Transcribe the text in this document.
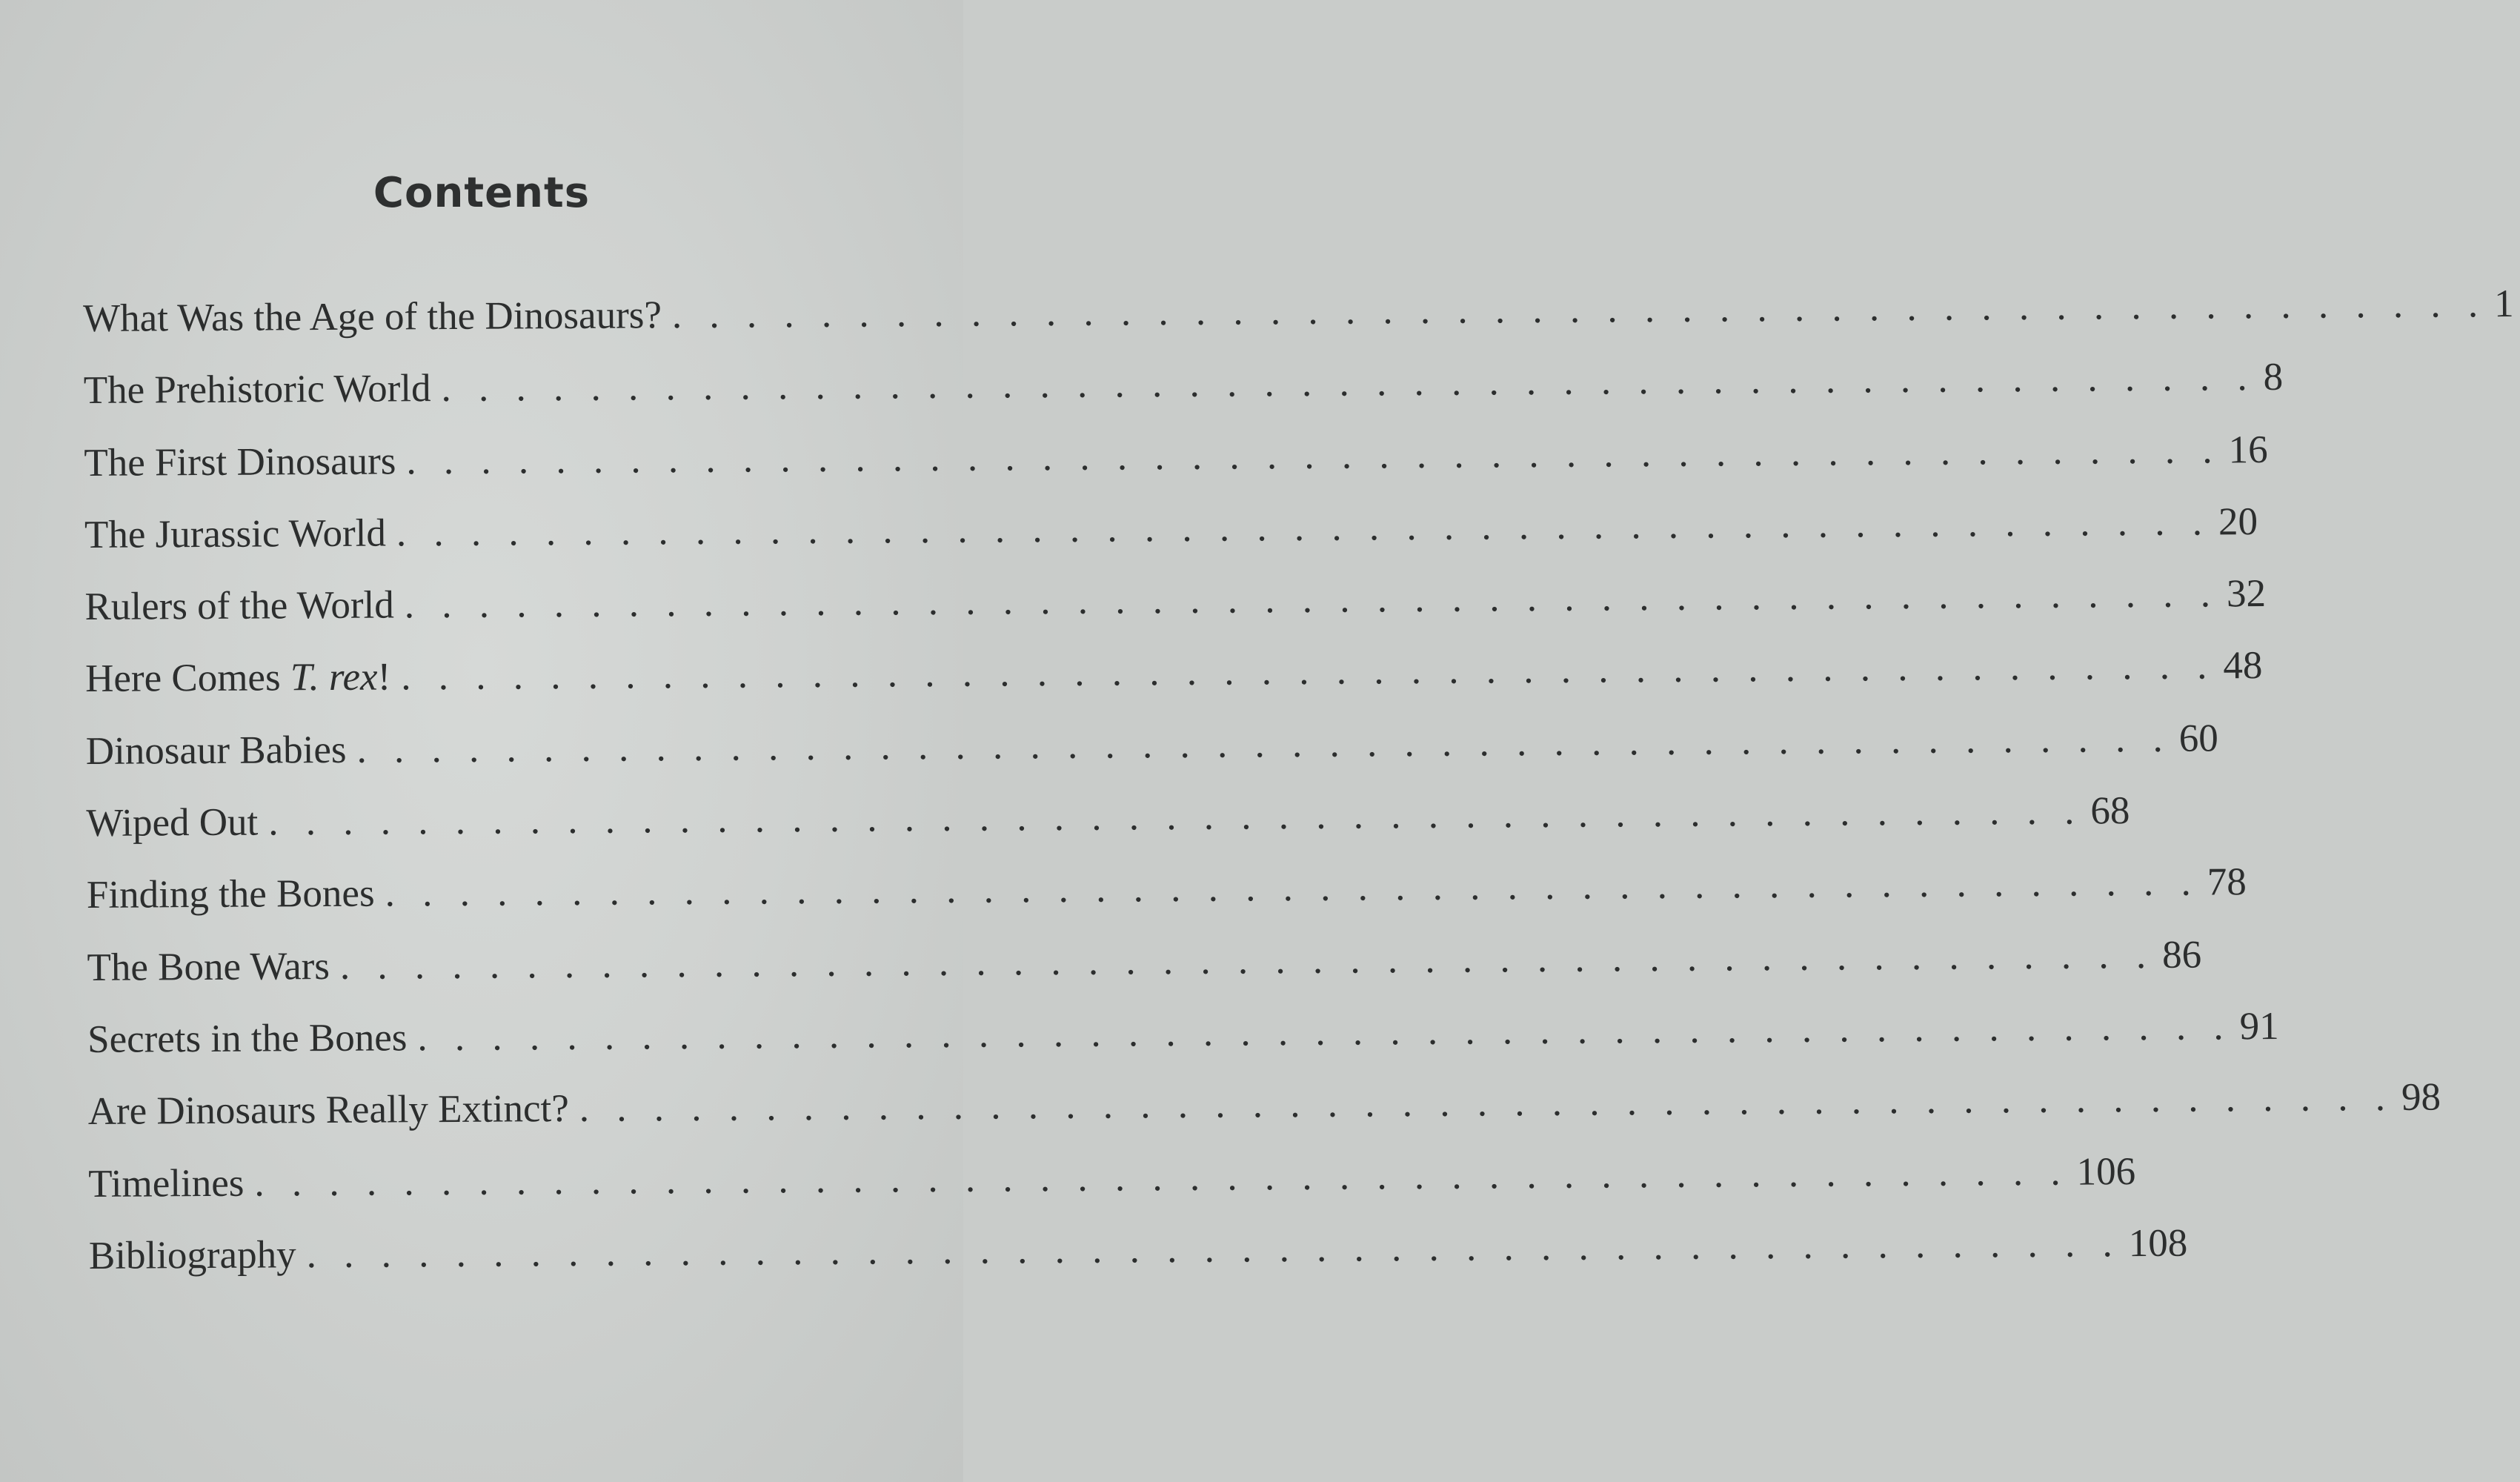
Contents
What Was the Age of the Dinosaurs? . . . . . . . . . . . . . . . . . . . . . . . . . . . . . . . . . . . . . . . . . . . . . . . . . 1
The Prehistoric World . . . . . . . . . . . . . . . . . . . . . . . . . . . . . . . . . . . . . . . . . . . . . . . . . 8
The First Dinosaurs . . . . . . . . . . . . . . . . . . . . . . . . . . . . . . . . . . . . . . . . . . . . . . . . . 16
The Jurassic World . . . . . . . . . . . . . . . . . . . . . . . . . . . . . . . . . . . . . . . . . . . . . . . . . 20
Rulers of the World . . . . . . . . . . . . . . . . . . . . . . . . . . . . . . . . . . . . . . . . . . . . . . . . . 32
Here Comes T. rex! . . . . . . . . . . . . . . . . . . . . . . . . . . . . . . . . . . . . . . . . . . . . . . . . . 48
Dinosaur Babies . . . . . . . . . . . . . . . . . . . . . . . . . . . . . . . . . . . . . . . . . . . . . . . . . 60
Wiped Out . . . . . . . . . . . . . . . . . . . . . . . . . . . . . . . . . . . . . . . . . . . . . . . . . 68
Finding the Bones . . . . . . . . . . . . . . . . . . . . . . . . . . . . . . . . . . . . . . . . . . . . . . . . . 78
The Bone Wars . . . . . . . . . . . . . . . . . . . . . . . . . . . . . . . . . . . . . . . . . . . . . . . . . 86
Secrets in the Bones . . . . . . . . . . . . . . . . . . . . . . . . . . . . . . . . . . . . . . . . . . . . . . . . . 91
Are Dinosaurs Really Extinct? . . . . . . . . . . . . . . . . . . . . . . . . . . . . . . . . . . . . . . . . . . . . . . . . . 98
Timelines . . . . . . . . . . . . . . . . . . . . . . . . . . . . . . . . . . . . . . . . . . . . . . . . . 106
Bibliography . . . . . . . . . . . . . . . . . . . . . . . . . . . . . . . . . . . . . . . . . . . . . . . . . 108
